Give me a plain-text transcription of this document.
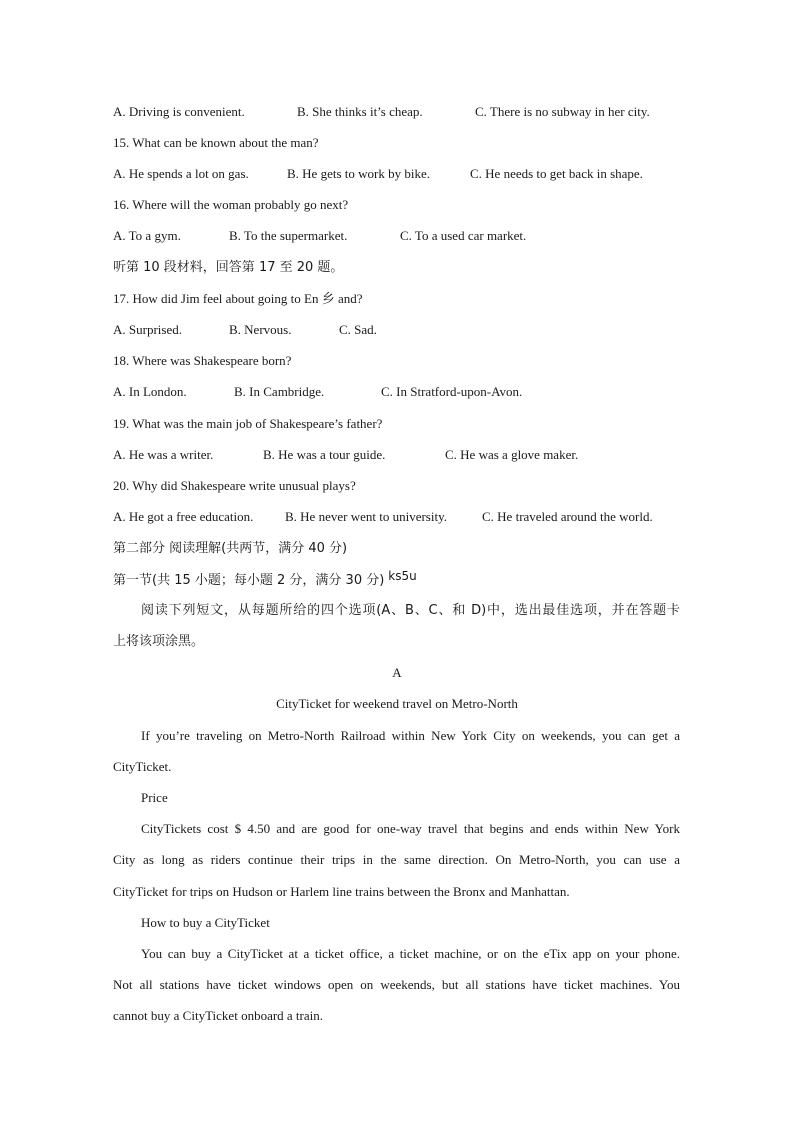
A. Driving is convenient.	B. She thinks it’s cheap.	C. There is no subway in her city.
15. What can be known about the man?
A. He spends a lot on gas.	B. He gets to work by bike.	C. He needs to get back in shape.
16. Where will the woman probably go next?
A. To a gym.	B. To the supermarket.	C. To a used car market.
听第 10 段材料，回答第 17 至 20 题。
17. How did Jim feel about going to En 乡 and?
A. Surprised.	B. Nervous.	C. Sad.
18. Where was Shakespeare born?
A. In London.	B. In Cambridge.	C. In Stratford-upon-Avon.
19. What was the main job of Shakespeare’s father?
A. He was a writer.	B. He was a tour guide.	C. He was a glove maker.
20. Why did Shakespeare write unusual plays?
A. He got a free education. B. He never went to university.	C. He traveled around the world.
第二部分 阅读理解(共两节，满分 40 分)
第一节(共 15 小题；每小题 2 分，满分 30 分) ks5u
阅读下列短文，从每题所给的四个选项(A、B、C、和 D)中，选出最佳选项，并在答题卡
上将该项涂黑。
A
CityTicket for weekend travel on Metro-North
If you’re traveling on Metro-North Railroad within New York City on weekends, you can get a
CityTicket.
Price
CityTickets cost $ 4.50 and are good for one-way travel that begins and ends within New York
City as long as riders continue their trips in the same direction. On Metro-North, you can use a
CityTicket for trips on Hudson or Harlem line trains between the Bronx and Manhattan.
How to buy a CityTicket
You can buy a CityTicket at a ticket office, a ticket machine, or on the eTix app on your phone.
Not all stations have ticket windows open on weekends, but all stations have ticket machines. You
cannot buy a CityTicket onboard a train.
